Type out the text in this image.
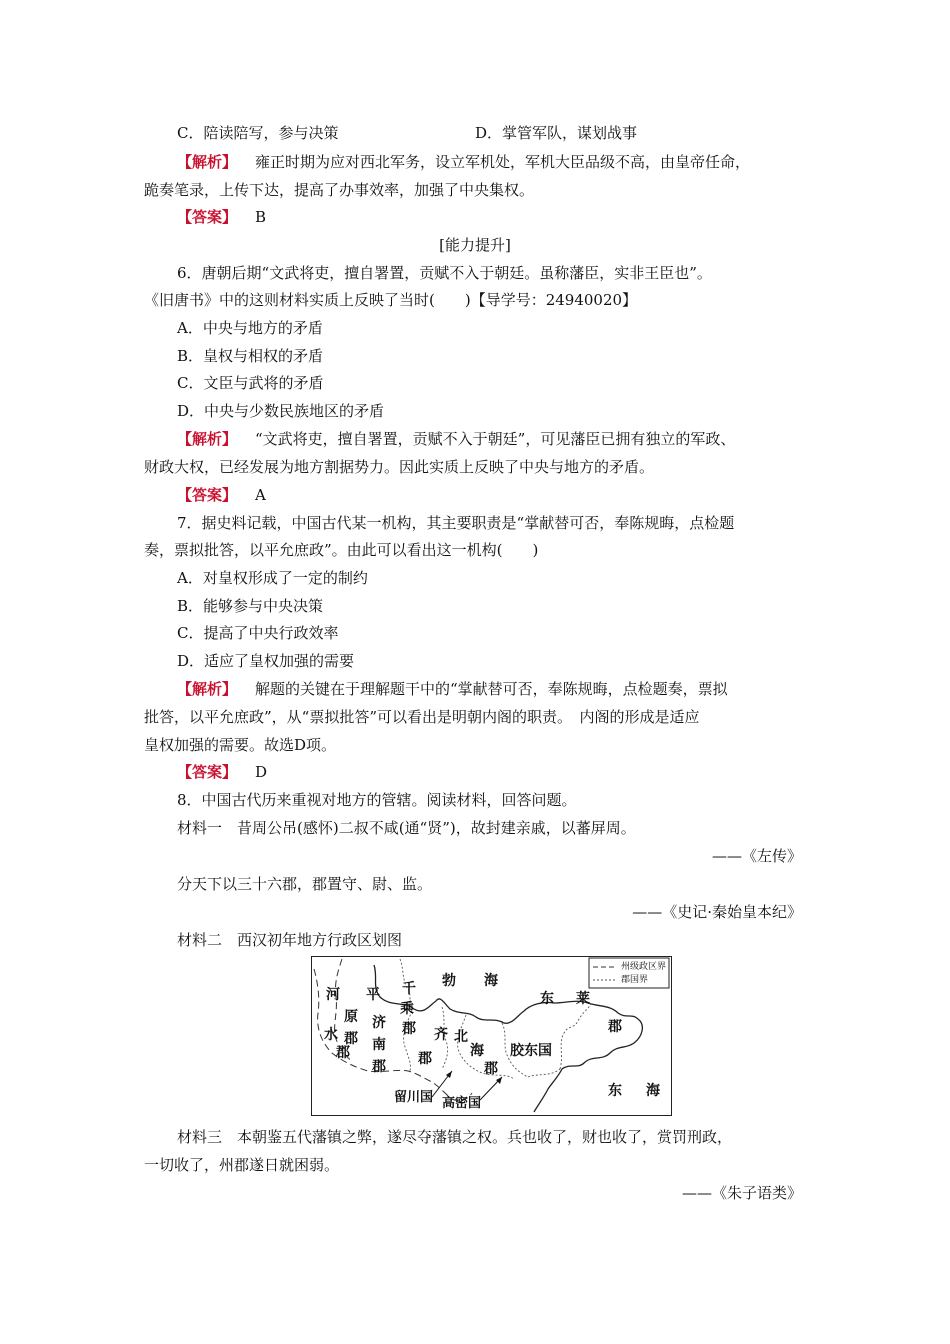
C．陪读陪写，参与决策	D．掌管军队，谋划战事
【解析】 雍正时期为应对西北军务，设立军机处，军机大臣品级不高，由皇帝任命，
跪奏笔录，上传下达，提高了办事效率，加强了中央集权。
【答案】 B
[能力提升]
6．唐朝后期“文武将吏，擅自署置，贡赋不入于朝廷。虽称藩臣，实非王臣也”。
《旧唐书》中的这则材料实质上反映了当时(　　)【导学号：24940020】
A．中央与地方的矛盾
B．皇权与相权的矛盾
C．文臣与武将的矛盾
D．中央与少数民族地区的矛盾
【解析】 “文武将吏，擅自署置，贡赋不入于朝廷”，可见藩臣已拥有独立的军政、
财政大权，已经发展为地方割据势力。因此实质上反映了中央与地方的矛盾。
【答案】 A
7．据史料记载，中国古代某一机构，其主要职责是“掌献替可否，奉陈规晦，点检题
奏，票拟批答，以平允庶政”。由此可以看出这一机构(　　)
A．对皇权形成了一定的制约
B．能够参与中央决策
C．提高了中央行政效率
D．适应了皇权加强的需要
【解析】 解题的关键在于理解题干中的“掌献替可否，奉陈规晦，点检题奏，票拟
批答，以平允庶政”，从“票拟批答”可以看出是明朝内阁的职责。　内阁的形成是适应
皇权加强的需要。故选D项。
【答案】 D
8．中国古代历来重视对地方的管辖。阅读材料，回答问题。
材料一　昔周公吊(感怀)二叔不咸(通“贤”)，故封建亲戚，以蕃屏周。
——《左传》
分天下以三十六郡，郡置守、尉、监。
——《史记·秦始皇本纪》
材料二　西汉初年地方行政区划图
州级政区界
郡国界
河
水
郡
平
原
郡
千
乘
郡
济
南
郡
勃 海
齐
郡
北
海
郡
胶东国
东 莱
郡
东 海
留川国 高密国
材料三　本朝鉴五代藩镇之弊，遂尽夺藩镇之权。兵也收了，财也收了，赏罚刑政，
一切收了，州郡遂日就困弱。
——《朱子语类》
